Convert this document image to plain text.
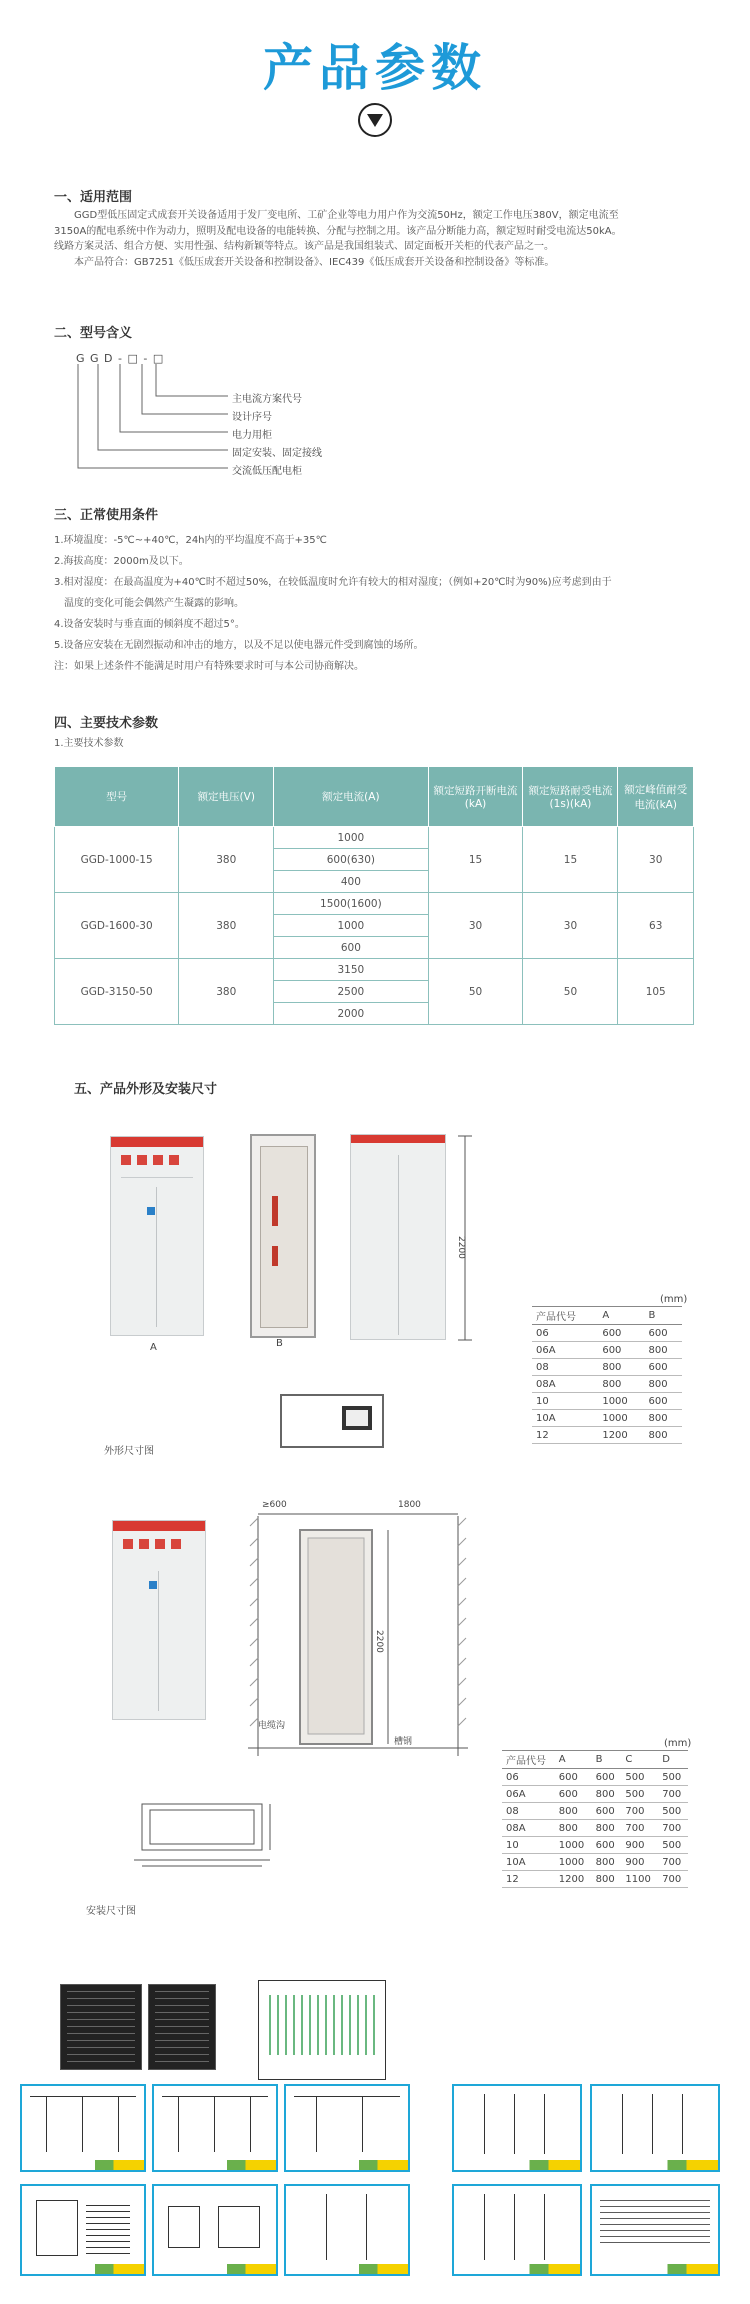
产品参数
一、适用范围
GGD型低压固定式成套开关设备适用于发厂变电所、工矿企业等电力用户作为交流50Hz，额定工作电压380V，额定电流至
3150A的配电系统中作为动力，照明及配电设备的电能转换、分配与控制之用。该产品分断能力高，额定短时耐受电流达50kA。
线路方案灵活、组合方便、实用性强、结构新颖等特点。该产品是我国组装式、固定面板开关柜的代表产品之一。
本产品符合：GB7251《低压成套开关设备和控制设备》、IEC439《低压成套开关设备和控制设备》等标准。
二、型号含义
G G D - □ - □
主电流方案代号
设计序号
电力用柜
固定安装、固定接线
交流低压配电柜
三、正常使用条件
1.环境温度：-5℃~+40℃，24h内的平均温度不高于+35℃
2.海拔高度：2000m及以下。
3.相对湿度：在最高温度为+40℃时不超过50%，在较低温度时允许有较大的相对湿度；（例如+20℃时为90%)应考虑到由于
温度的变化可能会偶然产生凝露的影响。
4.设备安装时与垂直面的倾斜度不超过5°。
5.设备应安装在无剧烈振动和冲击的地方，以及不足以使电器元件受到腐蚀的场所。
注：如果上述条件不能满足时用户有特殊要求时可与本公司协商解决。
四、主要技术参数
1.主要技术参数
型号	额定电压(V)	额定电流(A)	额定短路开断电流(kA)	额定短路耐受电流(1s)(kA)	额定峰值耐受电流(kA)
GGD-1000-15	380	1000	15	15	30
		600(630)			
		400			
GGD-1600-30	380	1500(1600)	30	30	63
		1000			
		600			
GGD-3150-50	380	3150	50	50	105
		2500			
		2000			
五、产品外形及安装尺寸
A	B
2200
外形尺寸图
(mm)
产品代号	A	B
06	600	600
06A	600	800
08	800	600
08A	800	800
10	1000	600
10A	1000	800
12	1200	800
≥600	1800
2200
电缆沟
槽钢
安装尺寸图
(mm)
产品代号	A	B	C	D
06	600	600	500	500
06A	600	800	500	700
08	800	600	700	500
08A	800	800	700	700
10	1000	600	900	500
10A	1000	800	900	700
12	1200	800	1100	700
